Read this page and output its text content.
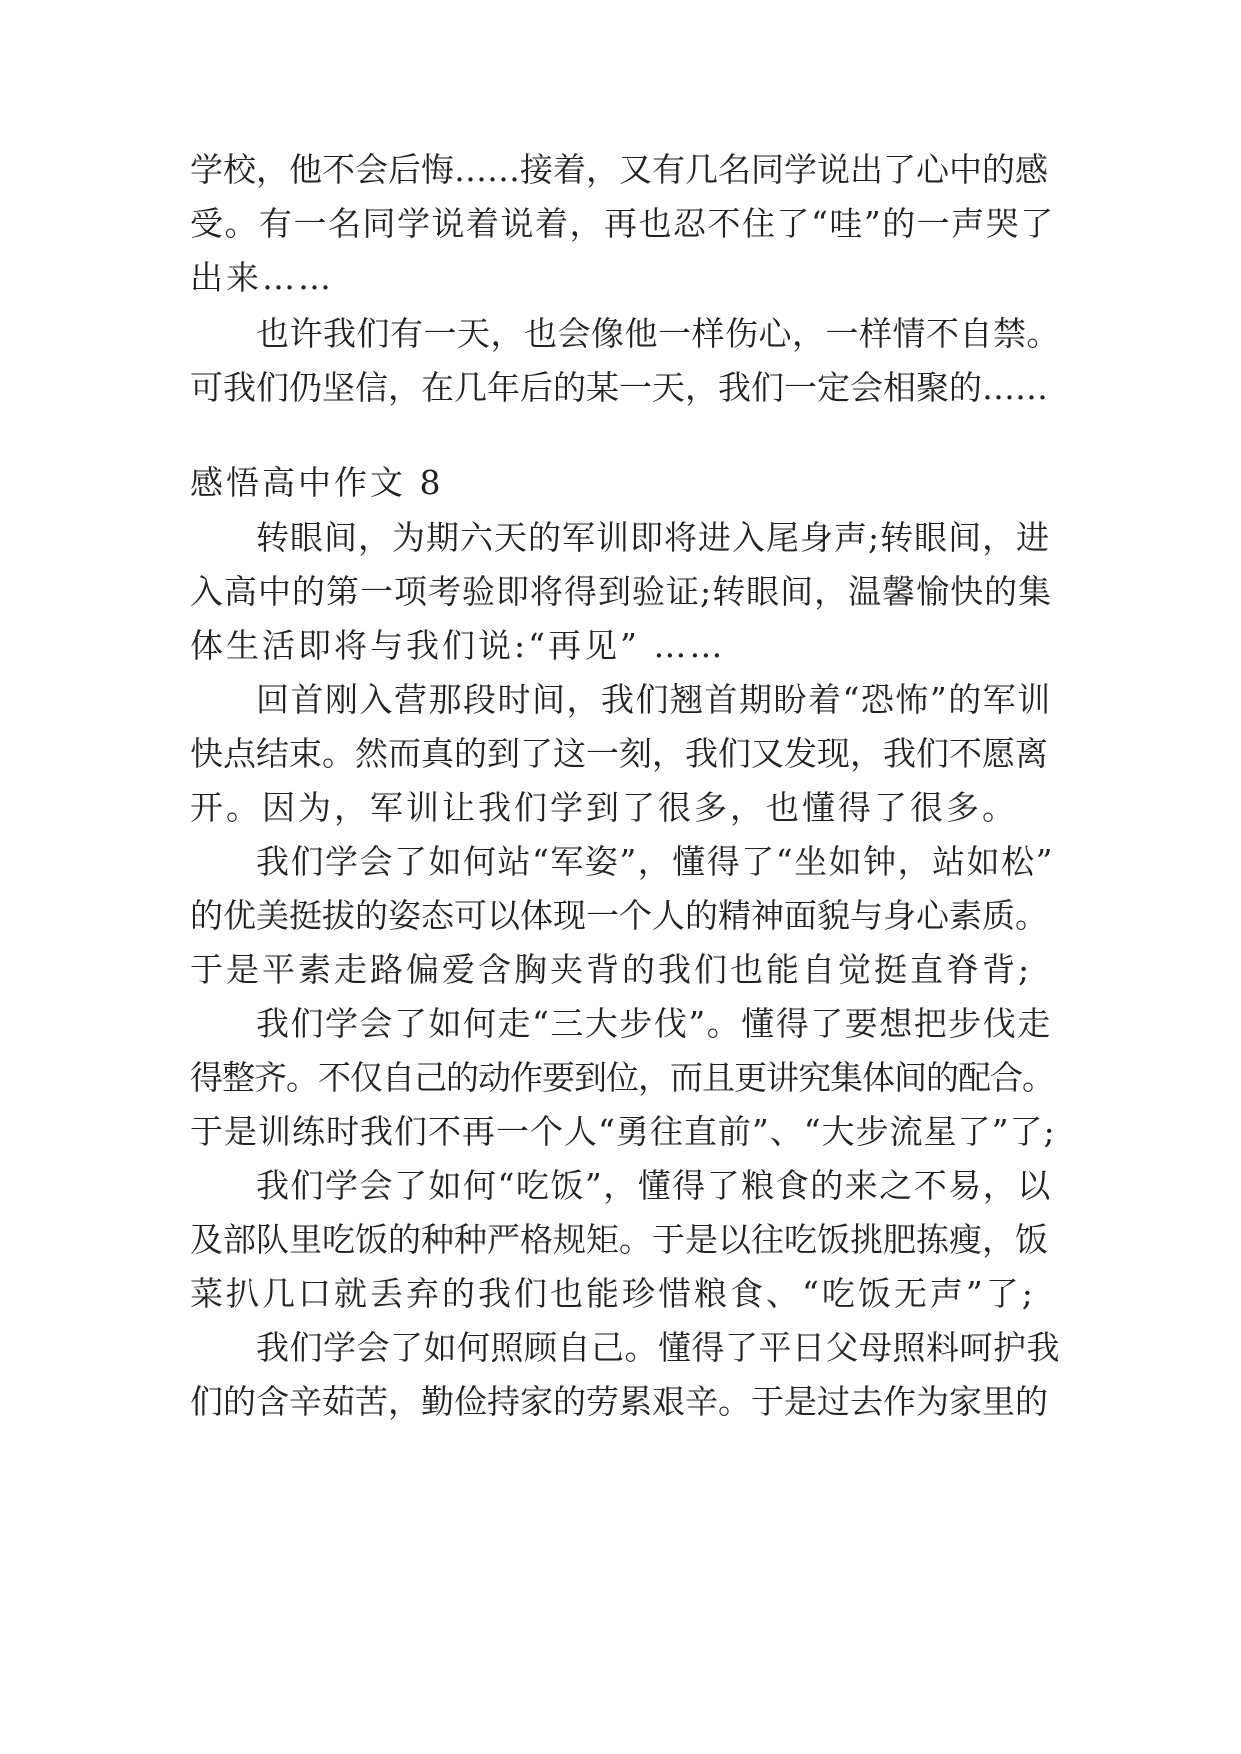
学校，他不会后悔……接着，又有几名同学说出了心中的感
受。有一名同学说着说着，再也忍不住了“哇”的一声哭了
出来……
也许我们有一天，也会像他一样伤心，一样情不自禁。
可我们仍坚信，在几年后的某一天，我们一定会相聚的……
感悟高中作文 8
转眼间，为期六天的军训即将进入尾身声;转眼间，进
入高中的第一项考验即将得到验证;转眼间，温馨愉快的集
体生活即将与我们说:“再见” ……
回首刚入营那段时间，我们翘首期盼着“恐怖”的军训
快点结束。然而真的到了这一刻，我们又发现，我们不愿离
开。因为，军训让我们学到了很多，也懂得了很多。
我们学会了如何站“军姿”，懂得了“坐如钟，站如松”
的优美挺拔的姿态可以体现一个人的精神面貌与身心素质。
于是平素走路偏爱含胸夹背的我们也能自觉挺直脊背;
我们学会了如何走“三大步伐”。懂得了要想把步伐走
得整齐。不仅自己的动作要到位，而且更讲究集体间的配合。
于是训练时我们不再一个人“勇往直前”、“大步流星了”了;
我们学会了如何“吃饭”，懂得了粮食的来之不易，以
及部队里吃饭的种种严格规矩。于是以往吃饭挑肥拣瘦，饭
菜扒几口就丢弃的我们也能珍惜粮食、“吃饭无声”了;
我们学会了如何照顾自己。懂得了平日父母照料呵护我
们的含辛茹苦，勤俭持家的劳累艰辛。于是过去作为家里的
